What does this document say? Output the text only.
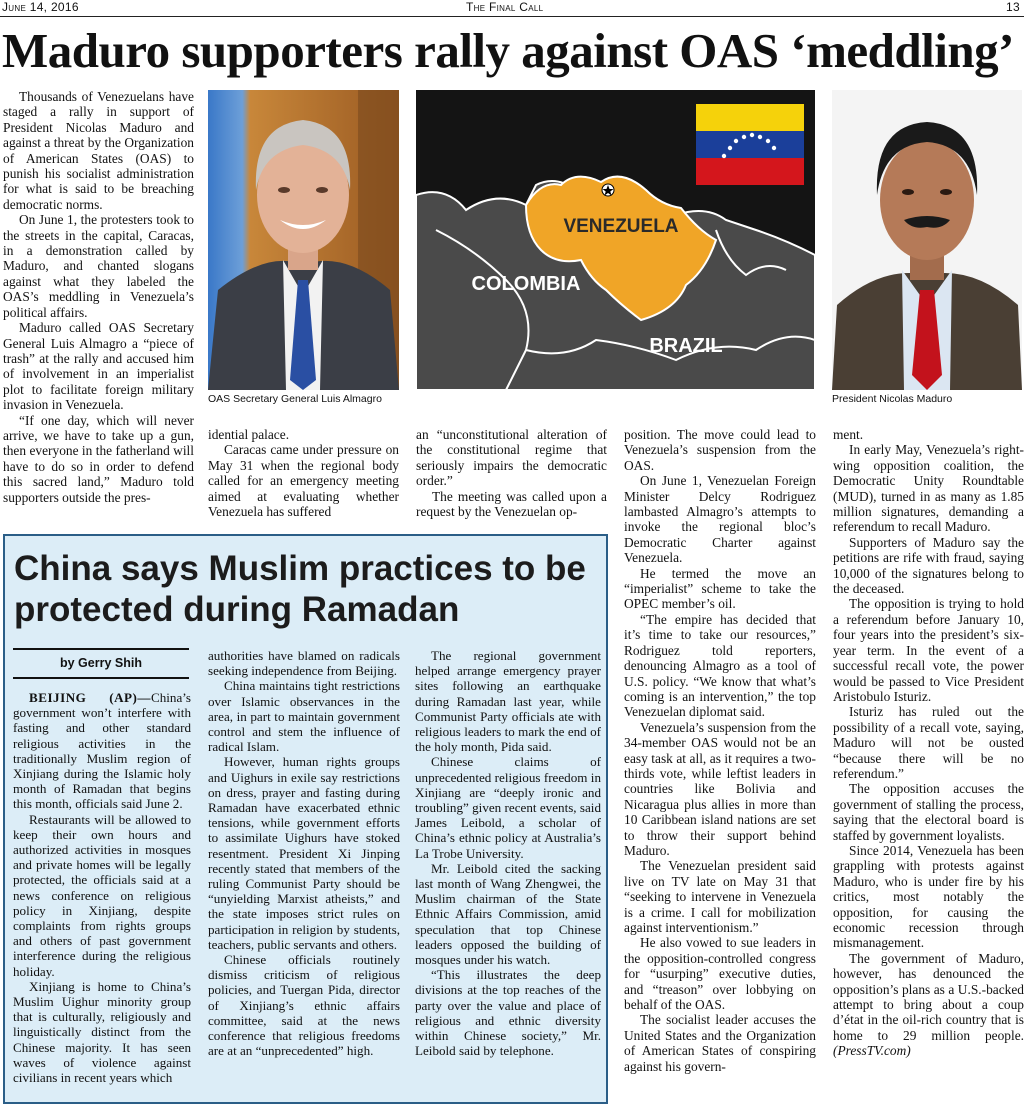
June 14, 2016	The Final Call	13
Maduro supporters rally against OAS ‘meddling’
VENEZUELA
COLOMBIA
BRAZIL
OAS Secretary General Luis Almagro	President Nicolas Maduro

Thousands of Venezuelans have staged a rally in support of President Nicolas Maduro and against a threat by the Organization of American States (OAS) to punish his socialist administration for what is said to be breaching democratic norms.

On June 1, the protesters took to the streets in the capital, Caracas, in a demonstration called by Maduro, and chanted slogans against what they labeled the OAS’s meddling in Venezuela’s political affairs.

Maduro called OAS Secretary General Luis Almagro a “piece of trash” at the rally and accused him of involvement in an imperialist plot to facilitate foreign military invasion in Venezuela.

“If one day, which will never arrive, we have to take up a gun, then everyone in the fatherland will have to do so in order to defend this sacred land,” Maduro told supporters outside the pres-

idential palace.

Caracas came under pressure on May 31 when the regional body called for an emergency meeting aimed at evaluating whether Venezuela has suffered

an “unconstitutional alteration of the constitutional regime that seriously impairs the democratic order.”

The meeting was called upon a request by the Venezuelan op-

position. The move could lead to Venezuela’s suspension from the OAS.

On June 1, Venezuelan Foreign Minister Delcy Rodriguez lambasted Almagro’s attempts to invoke the regional bloc’s Democratic Charter against Venezuela.

He termed the move an “imperialist” scheme to take the OPEC member’s oil.

“The empire has decided that it’s time to take our resources,” Rodriguez told reporters, denouncing Almagro as a tool of U.S. policy. “We know that what’s coming is an intervention,” the top Venezuelan diplomat said.

Venezuela’s suspension from the 34-member OAS would not be an easy task at all, as it requires a two-thirds vote, while leftist leaders in countries like Bolivia and Nicaragua plus allies in more than 10 Caribbean island nations are set to throw their support behind Maduro.

The Venezuelan president said live on TV late on May 31 that “seeking to intervene in Venezuela is a crime. I call for mobilization against interventionism.”

He also vowed to sue leaders in the opposition-controlled congress for “usurping” executive duties, and “treason” over lobbying on behalf of the OAS.

The socialist leader accuses the United States and the Organization of American States of conspiring against his govern-

ment.

In early May, Venezuela’s right-wing opposition coalition, the Democratic Unity Roundtable (MUD), turned in as many as 1.85 million signatures, demanding a referendum to recall Maduro.

Supporters of Maduro say the petitions are rife with fraud, saying 10,000 of the signatures belong to the deceased.

The opposition is trying to hold a referendum before January 10, four years into the president’s six-year term. In the event of a successful recall vote, the power would be passed to Vice President Aristobulo Isturiz.

Isturiz has ruled out the possibility of a recall vote, saying, Maduro will not be ousted “because there will be no referendum.”

The opposition accuses the government of stalling the process, saying that the electoral board is staffed by government loyalists.

Since 2014, Venezuela has been grappling with protests against Maduro, who is under fire by his critics, most notably the opposition, for causing the economic recession through mismanagement.

The government of Maduro, however, has denounced the opposition’s plans as a U.S.-backed attempt to bring about a coup d’état in the oil-rich country that is home to 29 million people. (PressTV.com)

China says Muslim practices to be protected during Ramadan
by Gerry Shih

BEIJING (AP)—China’s government won’t interfere with fasting and other standard religious activities in the traditionally Muslim region of Xinjiang during the Islamic holy month of Ramadan that begins this month, officials said June 2.

Restaurants will be allowed to keep their own hours and authorized activities in mosques and private homes will be legally protected, the officials said at a news conference on religious policy in Xinjiang, despite complaints from rights groups and others of past government interference during the religious holiday.

Xinjiang is home to China’s Muslim Uighur minority group that is culturally, religiously and linguistically distinct from the Chinese majority. It has seen waves of violence against civilians in recent years which

authorities have blamed on radicals seeking independence from Beijing.

China maintains tight restrictions over Islamic observances in the area, in part to maintain government control and stem the influence of radical Islam.

However, human rights groups and Uighurs in exile say restrictions on dress, prayer and fasting during Ramadan have exacerbated ethnic tensions, while government efforts to assimilate Uighurs have stoked resentment. President Xi Jinping recently stated that members of the ruling Communist Party should be “unyielding Marxist atheists,” and the state imposes strict rules on participation in religion by students, teachers, public servants and others.

Chinese officials routinely dismiss criticism of religious policies, and Tuergan Pida, director of Xinjiang’s ethnic affairs committee, said at the news conference that religious freedoms are at an “unprecedented” high.

The regional government helped arrange emergency prayer sites following an earthquake during Ramadan last year, while Communist Party officials ate with religious leaders to mark the end of the holy month, Pida said.

Chinese claims of unprecedented religious freedom in Xinjiang are “deeply ironic and troubling” given recent events, said James Leibold, a scholar of China’s ethnic policy at Australia’s La Trobe University.

Mr. Leibold cited the sacking last month of Wang Zhengwei, the Muslim chairman of the State Ethnic Affairs Commission, amid speculation that top Chinese leaders opposed the building of mosques under his watch.

“This illustrates the deep divisions at the top reaches of the party over the value and place of religious and ethnic diversity within Chinese society,” Mr. Leibold said by telephone.
